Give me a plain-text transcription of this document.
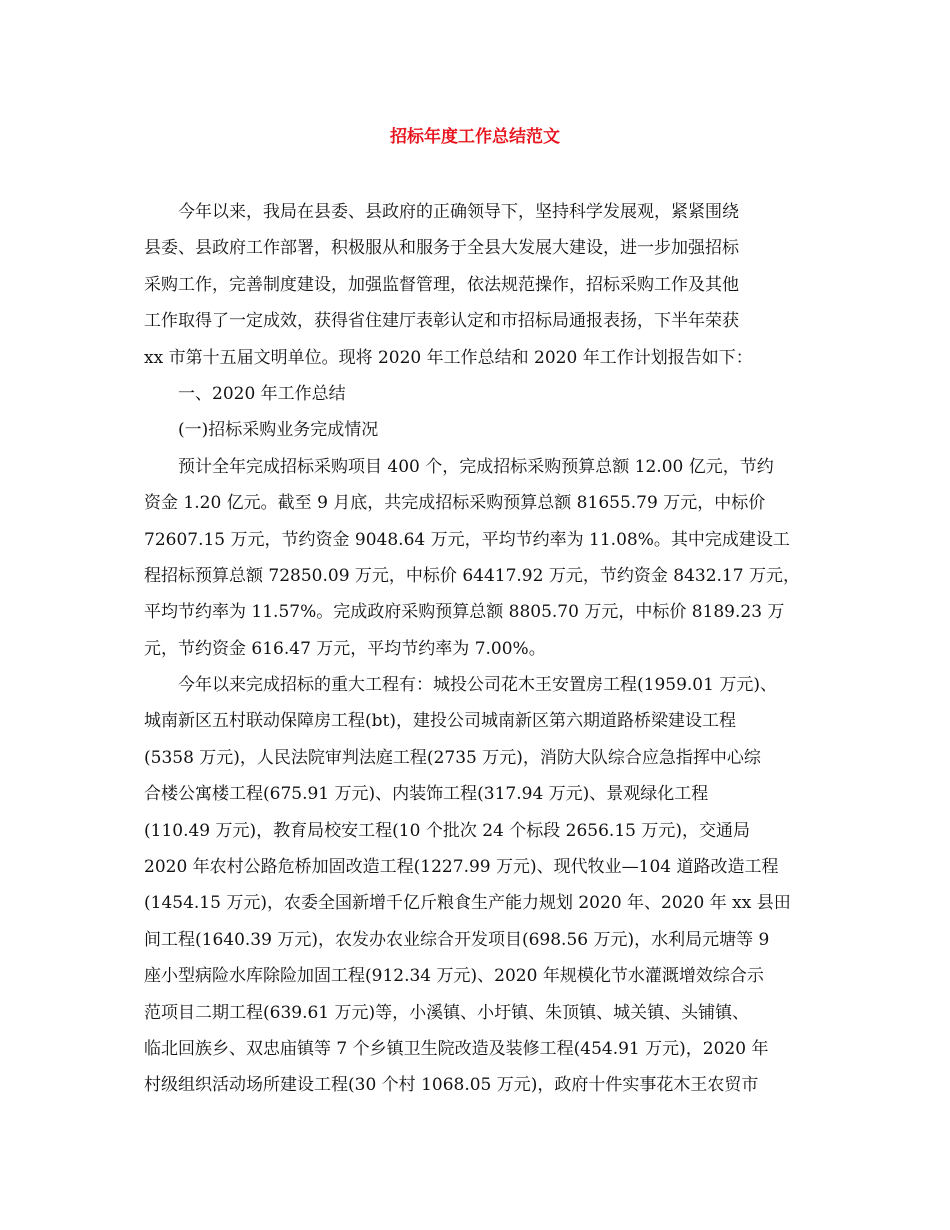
招标年度工作总结范文
今年以来，我局在县委、县政府的正确领导下，坚持科学发展观，紧紧围绕
县委、县政府工作部署，积极服从和服务于全县大发展大建设，进一步加强招标
采购工作，完善制度建设，加强监督管理，依法规范操作，招标采购工作及其他
工作取得了一定成效，获得省住建厅表彰认定和市招标局通报表扬，下半年荣获
xx 市第十五届文明单位。现将 2020 年工作总结和 2020 年工作计划报告如下：
一、2020 年工作总结
(一)招标采购业务完成情况
预计全年完成招标采购项目 400 个，完成招标采购预算总额 12.00 亿元，节约
资金 1.20 亿元。截至 9 月底，共完成招标采购预算总额 81655.79 万元，中标价
72607.15 万元，节约资金 9048.64 万元，平均节约率为 11.08%。其中完成建设工
程招标预算总额 72850.09 万元，中标价 64417.92 万元，节约资金 8432.17 万元，
平均节约率为 11.57%。完成政府采购预算总额 8805.70 万元，中标价 8189.23 万
元，节约资金 616.47 万元，平均节约率为 7.00%。
今年以来完成招标的重大工程有：城投公司花木王安置房工程(1959.01 万元)、
城南新区五村联动保障房工程(bt)，建投公司城南新区第六期道路桥梁建设工程
(5358 万元)，人民法院审判法庭工程(2735 万元)，消防大队综合应急指挥中心综
合楼公寓楼工程(675.91 万元)、内装饰工程(317.94 万元)、景观绿化工程
(110.49 万元)，教育局校安工程(10 个批次 24 个标段 2656.15 万元)，交通局
2020 年农村公路危桥加固改造工程(1227.99 万元)、现代牧业—104 道路改造工程
(1454.15 万元)，农委全国新增千亿斤粮食生产能力规划 2020 年、2020 年 xx 县田
间工程(1640.39 万元)，农发办农业综合开发项目(698.56 万元)，水利局元塘等 9
座小型病险水库除险加固工程(912.34 万元)、2020 年规模化节水灌溉增效综合示
范项目二期工程(639.61 万元)等，小溪镇、小圩镇、朱顶镇、城关镇、头铺镇、
临北回族乡、双忠庙镇等 7 个乡镇卫生院改造及装修工程(454.91 万元)，2020 年
村级组织活动场所建设工程(30 个村 1068.05 万元)，政府十件实事花木王农贸市
